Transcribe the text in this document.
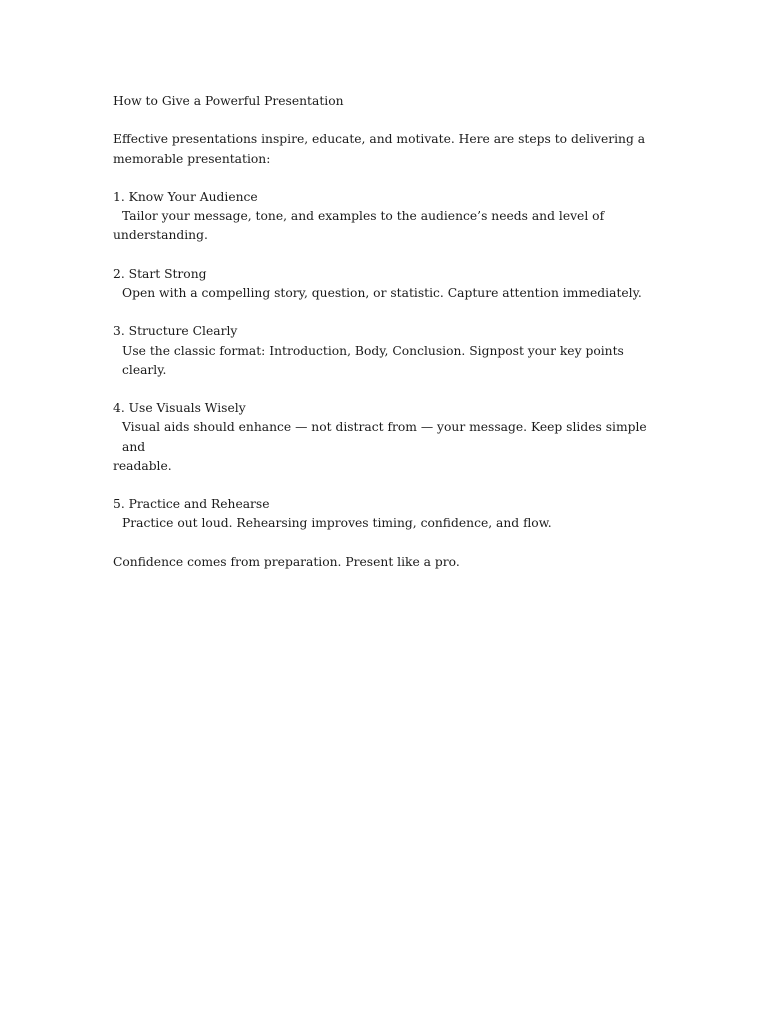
How to Give a Powerful Presentation

Effective presentations inspire, educate, and motivate. Here are steps to delivering a

memorable presentation:

1. Know Your Audience

Tailor your message, tone, and examples to the audience’s needs and level of

understanding.

2. Start Strong

Open with a compelling story, question, or statistic. Capture attention immediately.

3. Structure Clearly

Use the classic format: Introduction, Body, Conclusion. Signpost your key points clearly.

4. Use Visuals Wisely

Visual aids should enhance — not distract from — your message. Keep slides simple and

readable.

5. Practice and Rehearse

Practice out loud. Rehearsing improves timing, confidence, and flow.

Confidence comes from preparation. Present like a pro.
